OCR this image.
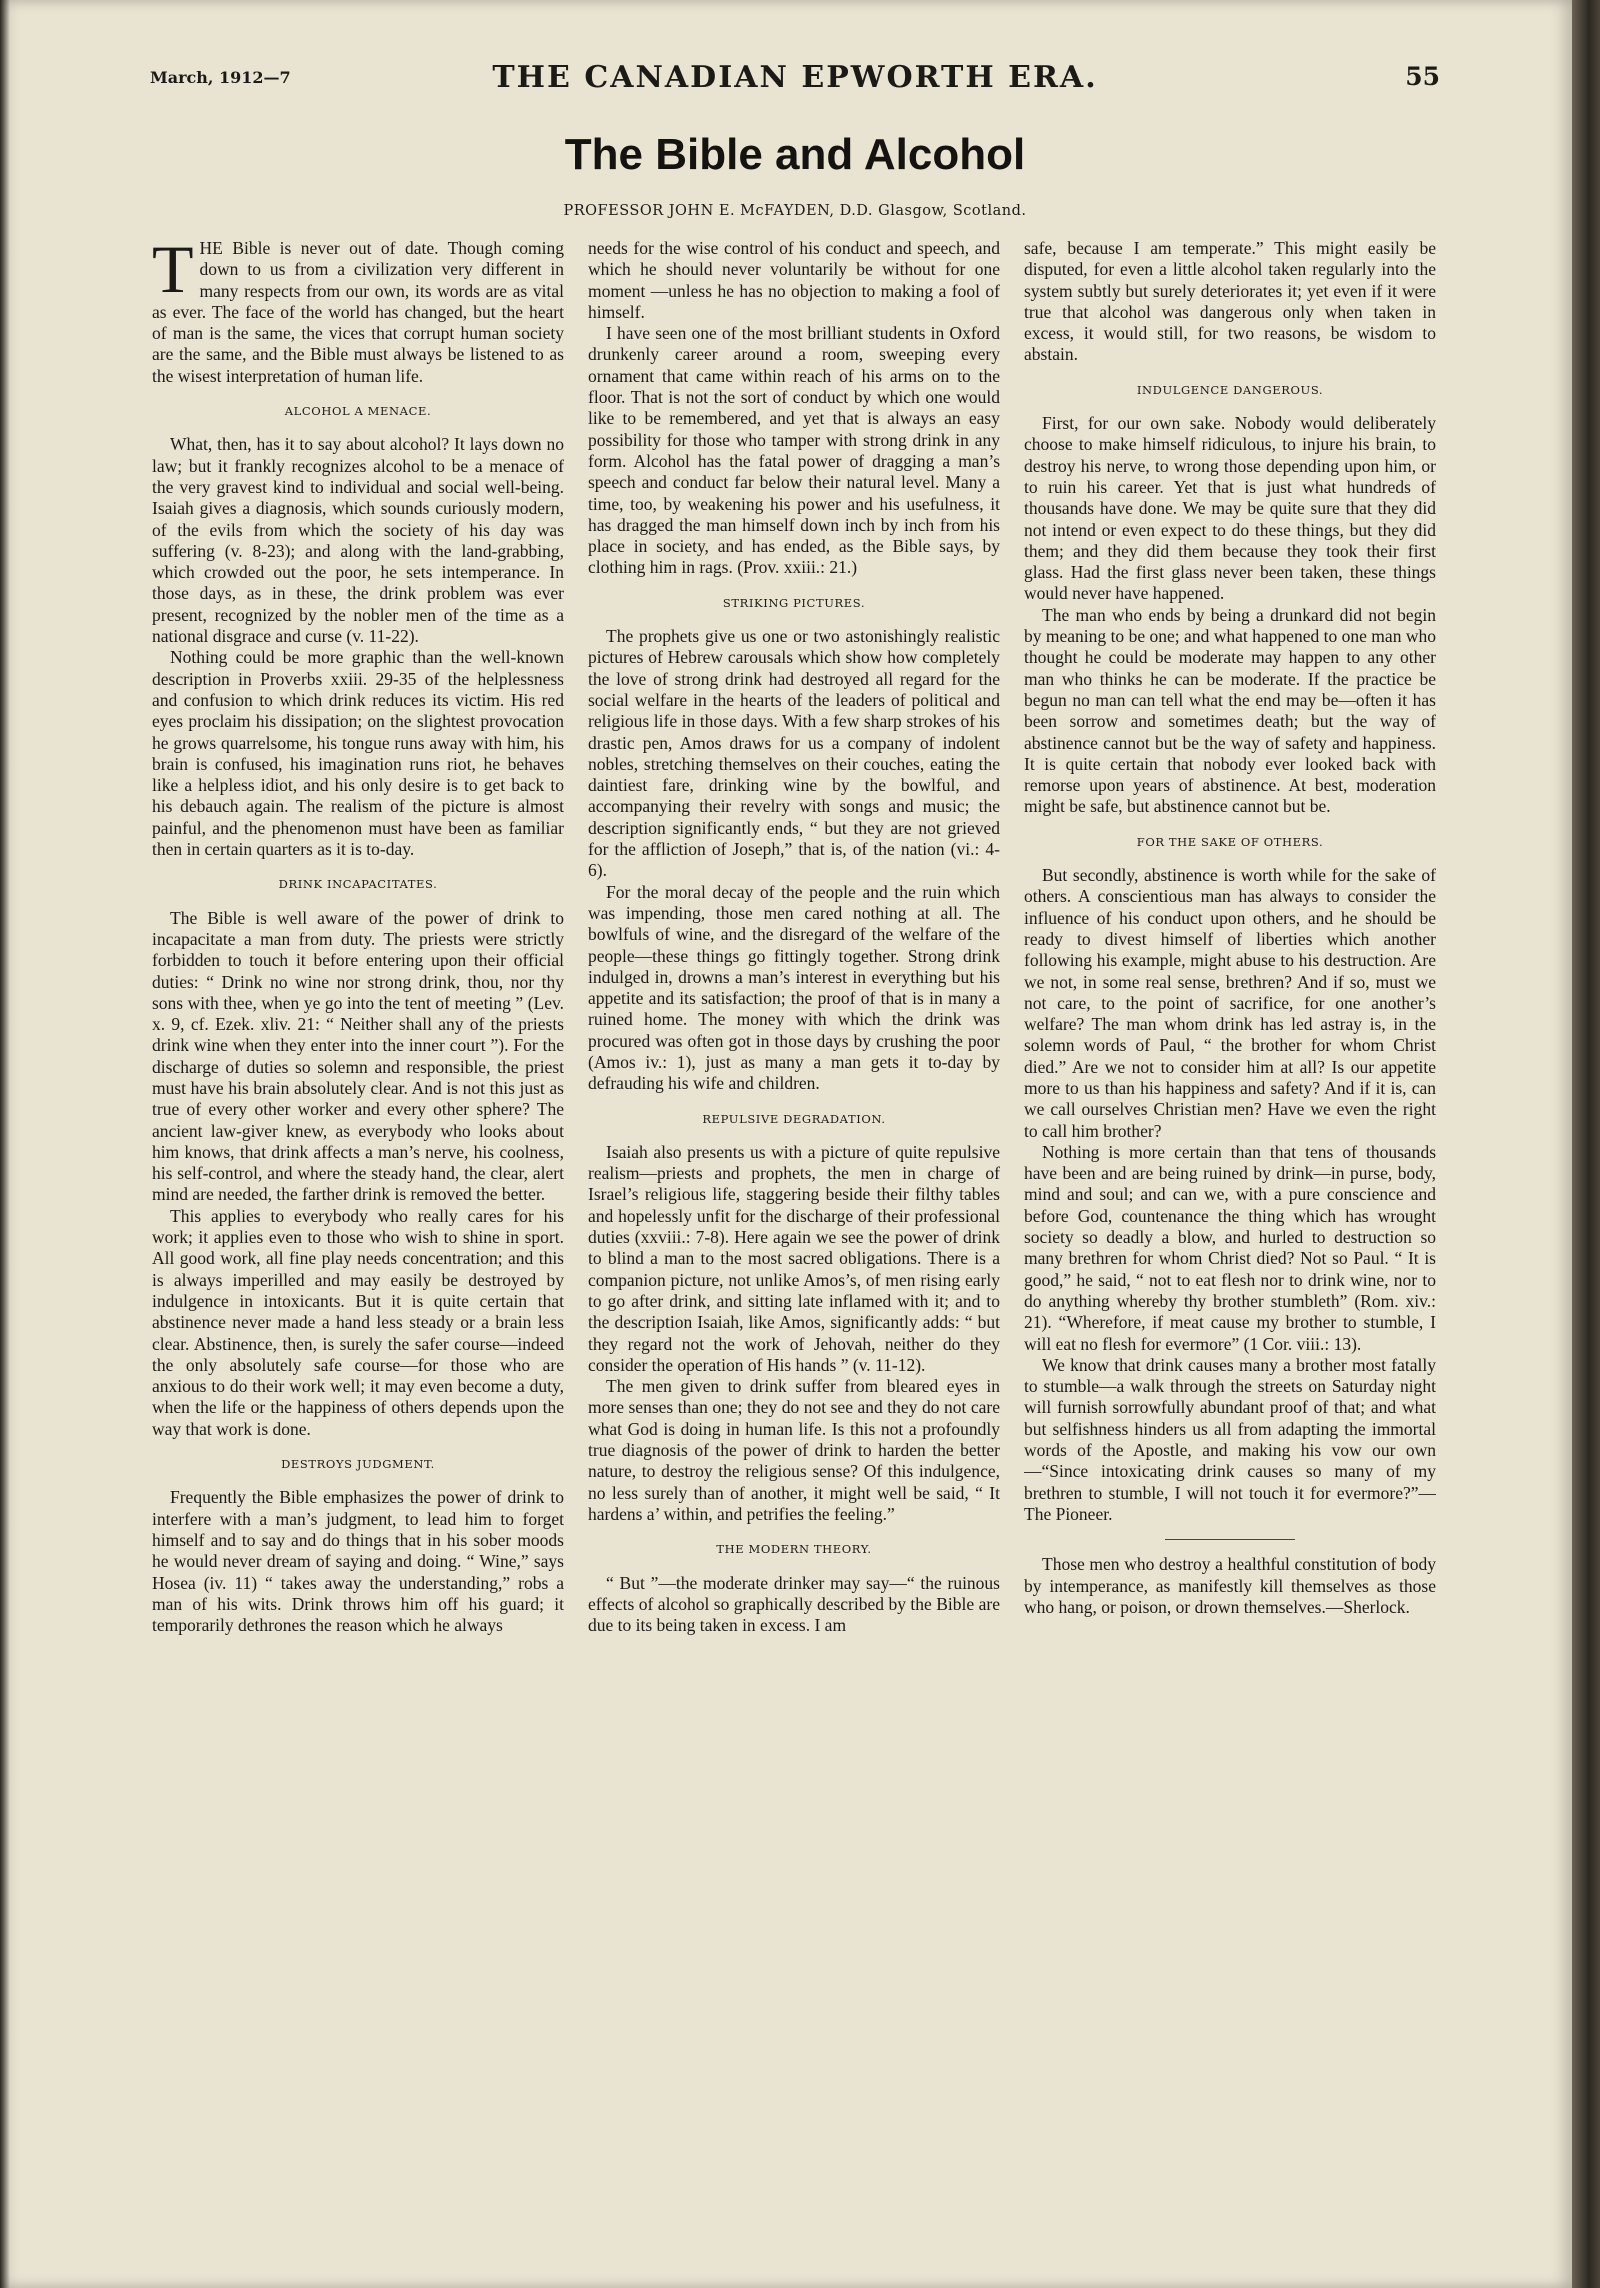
March, 1912—7	THE CANADIAN EPWORTH ERA.	55
The Bible and Alcohol
PROFESSOR JOHN E. McFAYDEN, D.D. Glasgow, Scotland.

THE Bible is never out of date. Though coming down to us from a civilization very different in many respects from our own, its words are as vital as ever. The face of the world has changed, but the heart of man is the same, the vices that corrupt human society are the same, and the Bible must always be listened to as the wisest interpretation of human life.

ALCOHOL A MENACE.

What, then, has it to say about alcohol? It lays down no law; but it frankly recognizes alcohol to be a menace of the very gravest kind to individual and social well-being. Isaiah gives a diagnosis, which sounds curiously modern, of the evils from which the society of his day was suffering (v. 8-23); and along with the land-grabbing, which crowded out the poor, he sets intemperance. In those days, as in these, the drink problem was ever present, recognized by the nobler men of the time as a national disgrace and curse (v. 11-22).

Nothing could be more graphic than the well-known description in Proverbs xxiii. 29-35 of the helplessness and confusion to which drink reduces its victim. His red eyes proclaim his dissipation; on the slightest provocation he grows quarrelsome, his tongue runs away with him, his brain is confused, his imagination runs riot, he behaves like a helpless idiot, and his only desire is to get back to his debauch again. The realism of the picture is almost painful, and the phenomenon must have been as familiar then in certain quarters as it is to-day.

DRINK INCAPACITATES.

The Bible is well aware of the power of drink to incapacitate a man from duty. The priests were strictly forbidden to touch it before entering upon their official duties: “ Drink no wine nor strong drink, thou, nor thy sons with thee, when ye go into the tent of meeting ” (Lev. x. 9, cf. Ezek. xliv. 21: “ Neither shall any of the priests drink wine when they enter into the inner court ”). For the discharge of duties so solemn and responsible, the priest must have his brain absolutely clear. And is not this just as true of every other worker and every other sphere? The ancient law-giver knew, as everybody who looks about him knows, that drink affects a man’s nerve, his coolness, his self-control, and where the steady hand, the clear, alert mind are needed, the farther drink is removed the better.

This applies to everybody who really cares for his work; it applies even to those who wish to shine in sport. All good work, all fine play needs concentration; and this is always imperilled and may easily be destroyed by indulgence in intoxicants. But it is quite certain that abstinence never made a hand less steady or a brain less clear. Abstinence, then, is surely the safer course—indeed the only absolutely safe course—for those who are anxious to do their work well; it may even become a duty, when the life or the happiness of others depends upon the way that work is done.

DESTROYS JUDGMENT.

Frequently the Bible emphasizes the power of drink to interfere with a man’s judgment, to lead him to forget himself and to say and do things that in his sober moods he would never dream of saying and doing. “ Wine,” says Hosea (iv. 11) “ takes away the understanding,” robs a man of his wits. Drink throws him off his guard; it temporarily dethrones the reason which he always

needs for the wise control of his conduct and speech, and which he should never voluntarily be without for one moment —unless he has no objection to making a fool of himself.

I have seen one of the most brilliant students in Oxford drunkenly career around a room, sweeping every ornament that came within reach of his arms on to the floor. That is not the sort of conduct by which one would like to be remembered, and yet that is always an easy possibility for those who tamper with strong drink in any form. Alcohol has the fatal power of dragging a man’s speech and conduct far below their natural level. Many a time, too, by weakening his power and his usefulness, it has dragged the man himself down inch by inch from his place in society, and has ended, as the Bible says, by clothing him in rags. (Prov. xxiii.: 21.)

STRIKING PICTURES.

The prophets give us one or two astonishingly realistic pictures of Hebrew carousals which show how completely the love of strong drink had destroyed all regard for the social welfare in the hearts of the leaders of political and religious life in those days. With a few sharp strokes of his drastic pen, Amos draws for us a company of indolent nobles, stretching themselves on their couches, eating the daintiest fare, drinking wine by the bowlful, and accompanying their revelry with songs and music; the description significantly ends, “ but they are not grieved for the affliction of Joseph,” that is, of the nation (vi.: 4-6).

For the moral decay of the people and the ruin which was impending, those men cared nothing at all. The bowlfuls of wine, and the disregard of the welfare of the people—these things go fittingly together. Strong drink indulged in, drowns a man’s interest in everything but his appetite and its satisfaction; the proof of that is in many a ruined home. The money with which the drink was procured was often got in those days by crushing the poor (Amos iv.: 1), just as many a man gets it to-day by defrauding his wife and children.

REPULSIVE DEGRADATION.

Isaiah also presents us with a picture of quite repulsive realism—priests and prophets, the men in charge of Israel’s religious life, staggering beside their filthy tables and hopelessly unfit for the discharge of their professional duties (xxviii.: 7-8). Here again we see the power of drink to blind a man to the most sacred obligations. There is a companion picture, not unlike Amos’s, of men rising early to go after drink, and sitting late inflamed with it; and to the description Isaiah, like Amos, significantly adds: “ but they regard not the work of Jehovah, neither do they consider the operation of His hands ” (v. 11-12).

The men given to drink suffer from bleared eyes in more senses than one; they do not see and they do not care what God is doing in human life. Is this not a profoundly true diagnosis of the power of drink to harden the better nature, to destroy the religious sense? Of this indulgence, no less surely than of another, it might well be said, “ It hardens a’ within, and petrifies the feeling.”

THE MODERN THEORY.

“ But ”—the moderate drinker may say—“ the ruinous effects of alcohol so graphically described by the Bible are due to its being taken in excess. I am

safe, because I am temperate.” This might easily be disputed, for even a little alcohol taken regularly into the system subtly but surely deteriorates it; yet even if it were true that alcohol was dangerous only when taken in excess, it would still, for two reasons, be wisdom to abstain.

INDULGENCE DANGEROUS.

First, for our own sake. Nobody would deliberately choose to make himself ridiculous, to injure his brain, to destroy his nerve, to wrong those depending upon him, or to ruin his career. Yet that is just what hundreds of thousands have done. We may be quite sure that they did not intend or even expect to do these things, but they did them; and they did them because they took their first glass. Had the first glass never been taken, these things would never have happened.

The man who ends by being a drunkard did not begin by meaning to be one; and what happened to one man who thought he could be moderate may happen to any other man who thinks he can be moderate. If the practice be begun no man can tell what the end may be—often it has been sorrow and sometimes death; but the way of abstinence cannot but be the way of safety and happiness. It is quite certain that nobody ever looked back with remorse upon years of abstinence. At best, moderation might be safe, but abstinence cannot but be.

FOR THE SAKE OF OTHERS.

But secondly, abstinence is worth while for the sake of others. A conscientious man has always to consider the influence of his conduct upon others, and he should be ready to divest himself of liberties which another following his example, might abuse to his destruction. Are we not, in some real sense, brethren? And if so, must we not care, to the point of sacrifice, for one another’s welfare? The man whom drink has led astray is, in the solemn words of Paul, “ the brother for whom Christ died.” Are we not to consider him at all? Is our appetite more to us than his happiness and safety? And if it is, can we call ourselves Christian men? Have we even the right to call him brother?

Nothing is more certain than that tens of thousands have been and are being ruined by drink—in purse, body, mind and soul; and can we, with a pure conscience and before God, countenance the thing which has wrought society so deadly a blow, and hurled to destruction so many brethren for whom Christ died? Not so Paul. “ It is good,” he said, “ not to eat flesh nor to drink wine, nor to do anything whereby thy brother stumbleth” (Rom. xiv.: 21). “Wherefore, if meat cause my brother to stumble, I will eat no flesh for evermore” (1 Cor. viii.: 13).

We know that drink causes many a brother most fatally to stumble—a walk through the streets on Saturday night will furnish sorrowfully abundant proof of that; and what but selfishness hinders us all from adapting the immortal words of the Apostle, and making his vow our own—“Since intoxicating drink causes so many of my brethren to stumble, I will not touch it for evermore?”—The Pioneer.

Those men who destroy a healthful constitution of body by intemperance, as manifestly kill themselves as those who hang, or poison, or drown themselves.—Sherlock.
